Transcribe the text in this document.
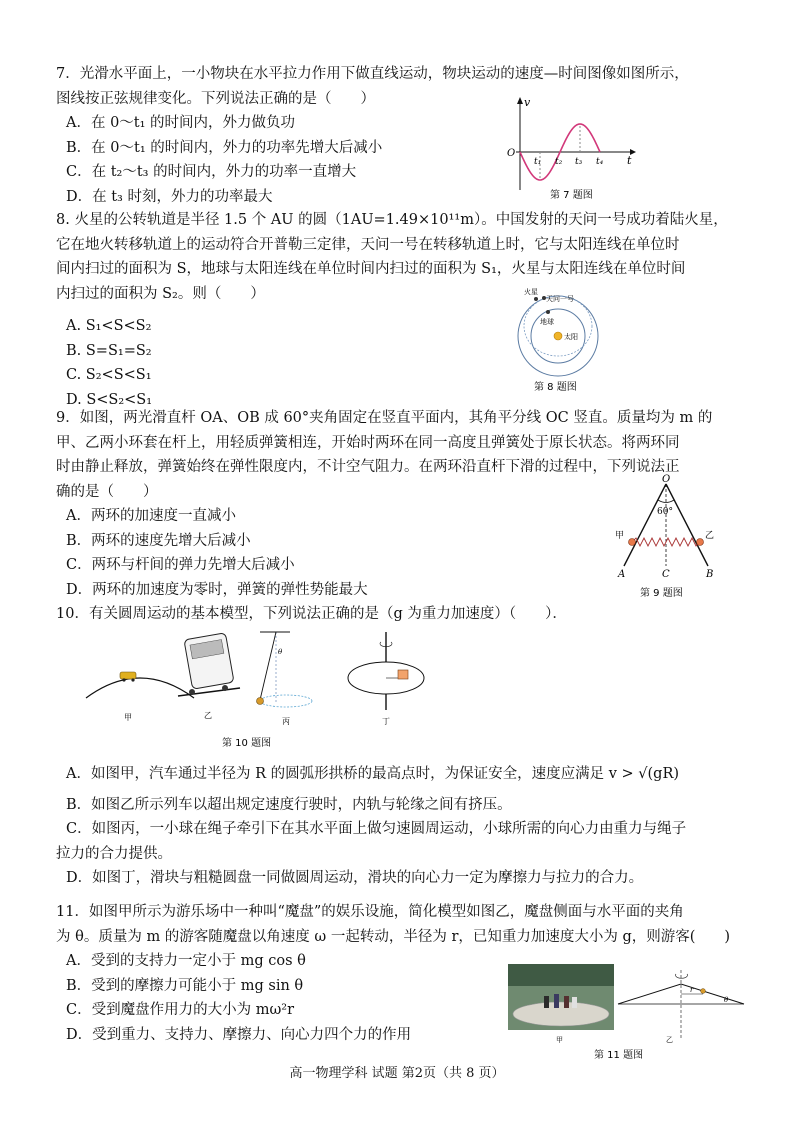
7．光滑水平面上，一小物块在水平拉力作用下做直线运动，物块运动的速度—时间图像如图所示，

图线按正弦规律变化。下列说法正确的是（　　）

A．在 0～t₁ 的时间内，外力做负功

B．在 0～t₁ 的时间内，外力的功率先增大后减小

C．在 t₂～t₃ 的时间内，外力的功率一直增大

D．在 t₃ 时刻，外力的功率最大

v
t
O
t₁ t₂ t₃ t₄
第 7 题图

8. 火星的公转轨道是半径 1.5 个 AU 的圆（1AU=1.49×10¹¹m）。中国发射的天问一号成功着陆火星，

它在地火转移轨道上的运动符合开普勒三定律，天问一号在转移轨道上时，它与太阳连线在单位时

间内扫过的面积为 S，地球与太阳连线在单位时间内扫过的面积为 S₁，火星与太阳连线在单位时间

内扫过的面积为 S₂。则（　　）

A. S₁<S<S₂

B. S=S₁=S₂

C. S₂<S<S₁

D. S<S₂<S₁

火星
天问一号
地球
太阳
第 8 题图

9．如图，两光滑直杆 OA、OB 成 60°夹角固定在竖直平面内，其角平分线 OC 竖直。质量均为 m 的

甲、乙两小环套在杆上，用轻质弹簧相连，开始时两环在同一高度且弹簧处于原长状态。将两环同

时由静止释放，弹簧始终在弹性限度内，不计空气阻力。在两环沿直杆下滑的过程中，下列说法正

确的是（　　）

A．两环的加速度一直减小

B．两环的速度先增大后减小

C．两环与杆间的弹力先增大后减小

D．两环的加速度为零时，弹簧的弹性势能最大

O
60°
甲	乙
A	C	B
第 9 题图

10．有关圆周运动的基本模型，下列说法正确的是（g 为重力加速度）（　　）．

甲	乙
θ
丙	丁
第 10 题图

A．如图甲，汽车通过半径为 R 的圆弧形拱桥的最高点时，为保证安全，速度应满足 v > √(gR)

B．如图乙所示列车以超出规定速度行驶时，内轨与轮缘之间有挤压。

C．如图丙，一小球在绳子牵引下在其水平面上做匀速圆周运动，小球所需的向心力由重力与绳子

拉力的合力提供。

D．如图丁，滑块与粗糙圆盘一同做圆周运动，滑块的向心力一定为摩擦力与拉力的合力。

11．如图甲所示为游乐场中一种叫“魔盘”的娱乐设施，简化模型如图乙，魔盘侧面与水平面的夹角

为 θ。质量为 m 的游客随魔盘以角速度 ω 一起转动，半径为 r，已知重力加速度大小为 g，则游客(　　)

A．受到的支持力一定小于 mg cos θ

B．受到的摩擦力可能小于 mg sin θ

C．受到魔盘作用力的大小为 mω²r

D．受到重力、支持力、摩擦力、向心力四个力的作用	甲
r
θ
乙
第 11 题图
高一物理学科 试题 第2页（共 8 页）
